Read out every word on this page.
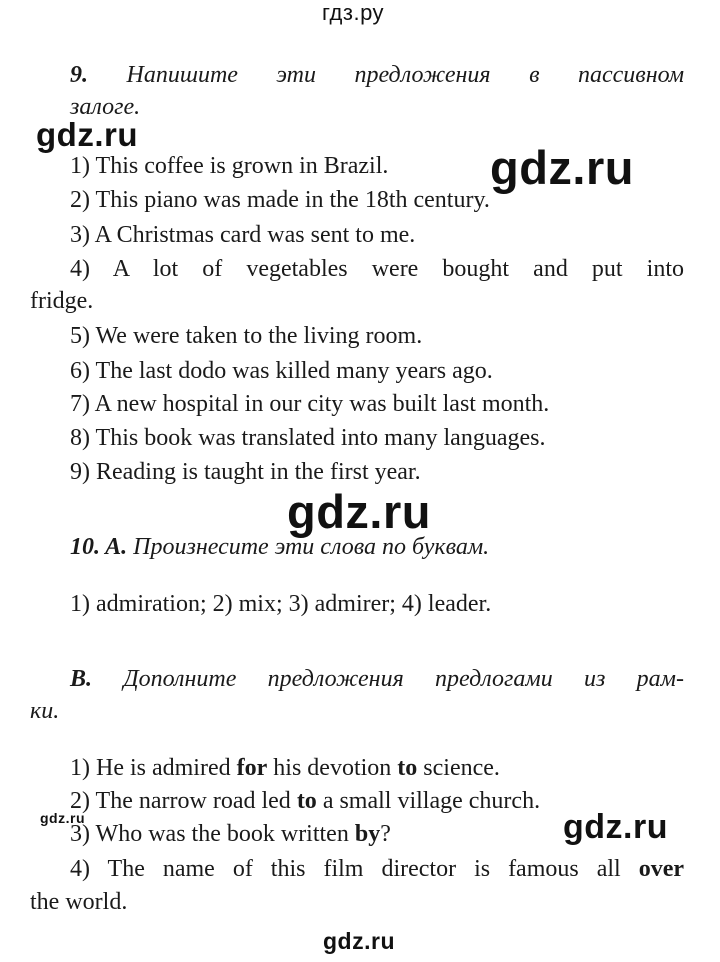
гдз.ру
gdz.ru
gdz.ru
gdz.ru
gdz.ru	gdz.ru
gdz.ru
9. Напишите эти предложения в пассивном
залоге.
1) This coffee is grown in Brazil.
2) This piano was made in the 18th century.
3) A Christmas card was sent to me.
4) A lot of vegetables were bought and put into
fridge.
5) We were taken to the living room.
6) The last dodo was killed many years ago.
7) A new hospital in our city was built last month.
8) This book was translated into many languages.
9) Reading is taught in the first year.
10. A. Произнесите эти слова по буквам.
1) admiration; 2) mix; 3) admirer; 4) leader.
B. Дополните предложения предлогами из рам-
ки.
1) He is admired for his devotion to science.
2) The narrow road led to a small village church.
3) Who was the book written by?
4) The name of this film director is famous all over
the world.
